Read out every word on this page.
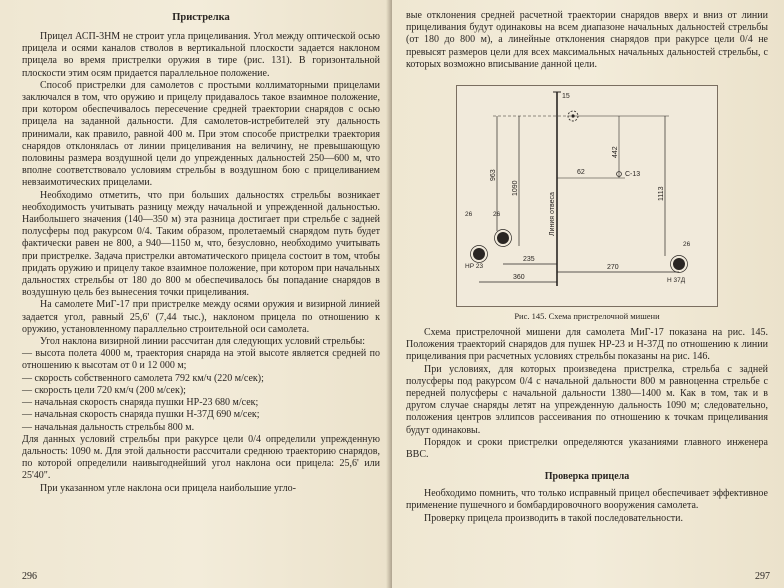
Пристрелка

Прицел АСП-3НМ не строит угла прицеливания. Угол между оптической осью прицела и осями каналов стволов в вертикальной плоскости задается наклоном прицела во время пристрелки оружия в тире (рис. 131). В горизонтальной плоскости этим осям придается параллельное положение.

Способ пристрелки для самолетов с простыми коллиматорными прицелами заключался в том, что оружию и прицелу придавалось такое взаимное положение, при котором обеспечивалось пересечение средней траектории снарядов с осью прицела на заданной дальности. Для самолетов-истребителей эту дальность принимали, как правило, равной 400 м. При этом способе пристрелки траектория снарядов отклонялась от линии прицеливания на величину, не превышающую половины размера воздушной цели до упрежденных дальностей 250—600 м, что вполне соответствовало условиям стрельбы в воздушном бою с прицеливанием невзаимотических прицелами.

Необходимо отметить, что при больших дальностях стрельбы возникает необходимость учитывать разницу между начальной и упрежденной дальностью. Наибольшего значения (140—350 м) эта разница достигает при стрельбе с задней полусферы под ракурсом 0/4. Таким образом, пролетаемый снарядом путь будет фактически равен не 800, а 940—1150 м, что, безусловно, необходимо учитывать при пристрелке. Задача пристрелки автоматического прицела состоит в том, чтобы придать оружию и прицелу такое взаимное положение, при котором при начальных дальностях стрельбы от 180 до 800 м обеспечивалось бы попадание снарядов в воздушную цель без вынесения точки прицеливания.

На самолете МиГ-17 при пристрелке между осями оружия и визирной линией задается угол, равный 25,6' (7,44 тыс.), наклоном прицела по отношению к оружию, установленному параллельно строительной оси самолета.

Угол наклона визирной линии рассчитан для следующих условий стрельбы:

— высота полета 4000 м, траектория снаряда на этой высоте является средней по отношению к высотам от 0 и 12 000 м;
— скорость собственного самолета 792 км/ч (220 м/сек);
— скорость цели 720 км/ч (200 м/сек);
— начальная скорость снаряда пушки НР-23 680 м/сек;
— начальная скорость снаряда пушки Н-37Д 690 м/сек;
— начальная дальность стрельбы 800 м.

Для данных условий стрельбы при ракурсе цели 0/4 определили упрежденную дальность: 1090 м. Для этой дальности рассчитали среднюю траекторию снарядов, по которой определили наивыгоднейший угол наклона оси прицела: 25,6' или 25'40".

При указанном угле наклона оси прицела наибольшие угло-

296

вые отклонения средней расчетной траектории снарядов вверх и вниз от линии прицеливания будут одинаковы на всем диапазоне начальных дальностей стрельбы (от 180 до 800 м), а линейные отклонения снарядов при ракурсе цели 0/4 не превысят размеров цели для всех максимальных начальных дальностей стрельбы, с которых возможно вписывание данной цели.

15
Линия отвеса
963
1090	1113
442
С-13
62
НР 23
26	26
Н 37Д
26
235
360
270
Рис. 145. Схема пристрелочной мишени

Схема пристрелочной мишени для самолета МиГ-17 показана на рис. 145. Положения траекторий снарядов для пушек НР-23 и Н-37Д по отношению к линии прицеливания при расчетных условиях стрельбы показаны на рис. 146.

При условиях, для которых произведена пристрелка, стрельба с задней полусферы под ракурсом 0/4 с начальной дальности 800 м равноценна стрельбе с передней полусферы с начальной дальности 1380—1400 м. Как в том, так и в другом случае снаряды летят на упрежденную дальность 1090 м; следовательно, положения центров эллипсов рассеивания по отношению к точкам прицеливания будут одинаковы.

Порядок и сроки пристрелки определяются указаниями главного инженера ВВС.

Проверка прицела

Необходимо помнить, что только исправный прицел обеспечивает эффективное применение пушечного и бомбардировочного вооружения самолета.

Проверку прицела производить в такой последовательности.

297
